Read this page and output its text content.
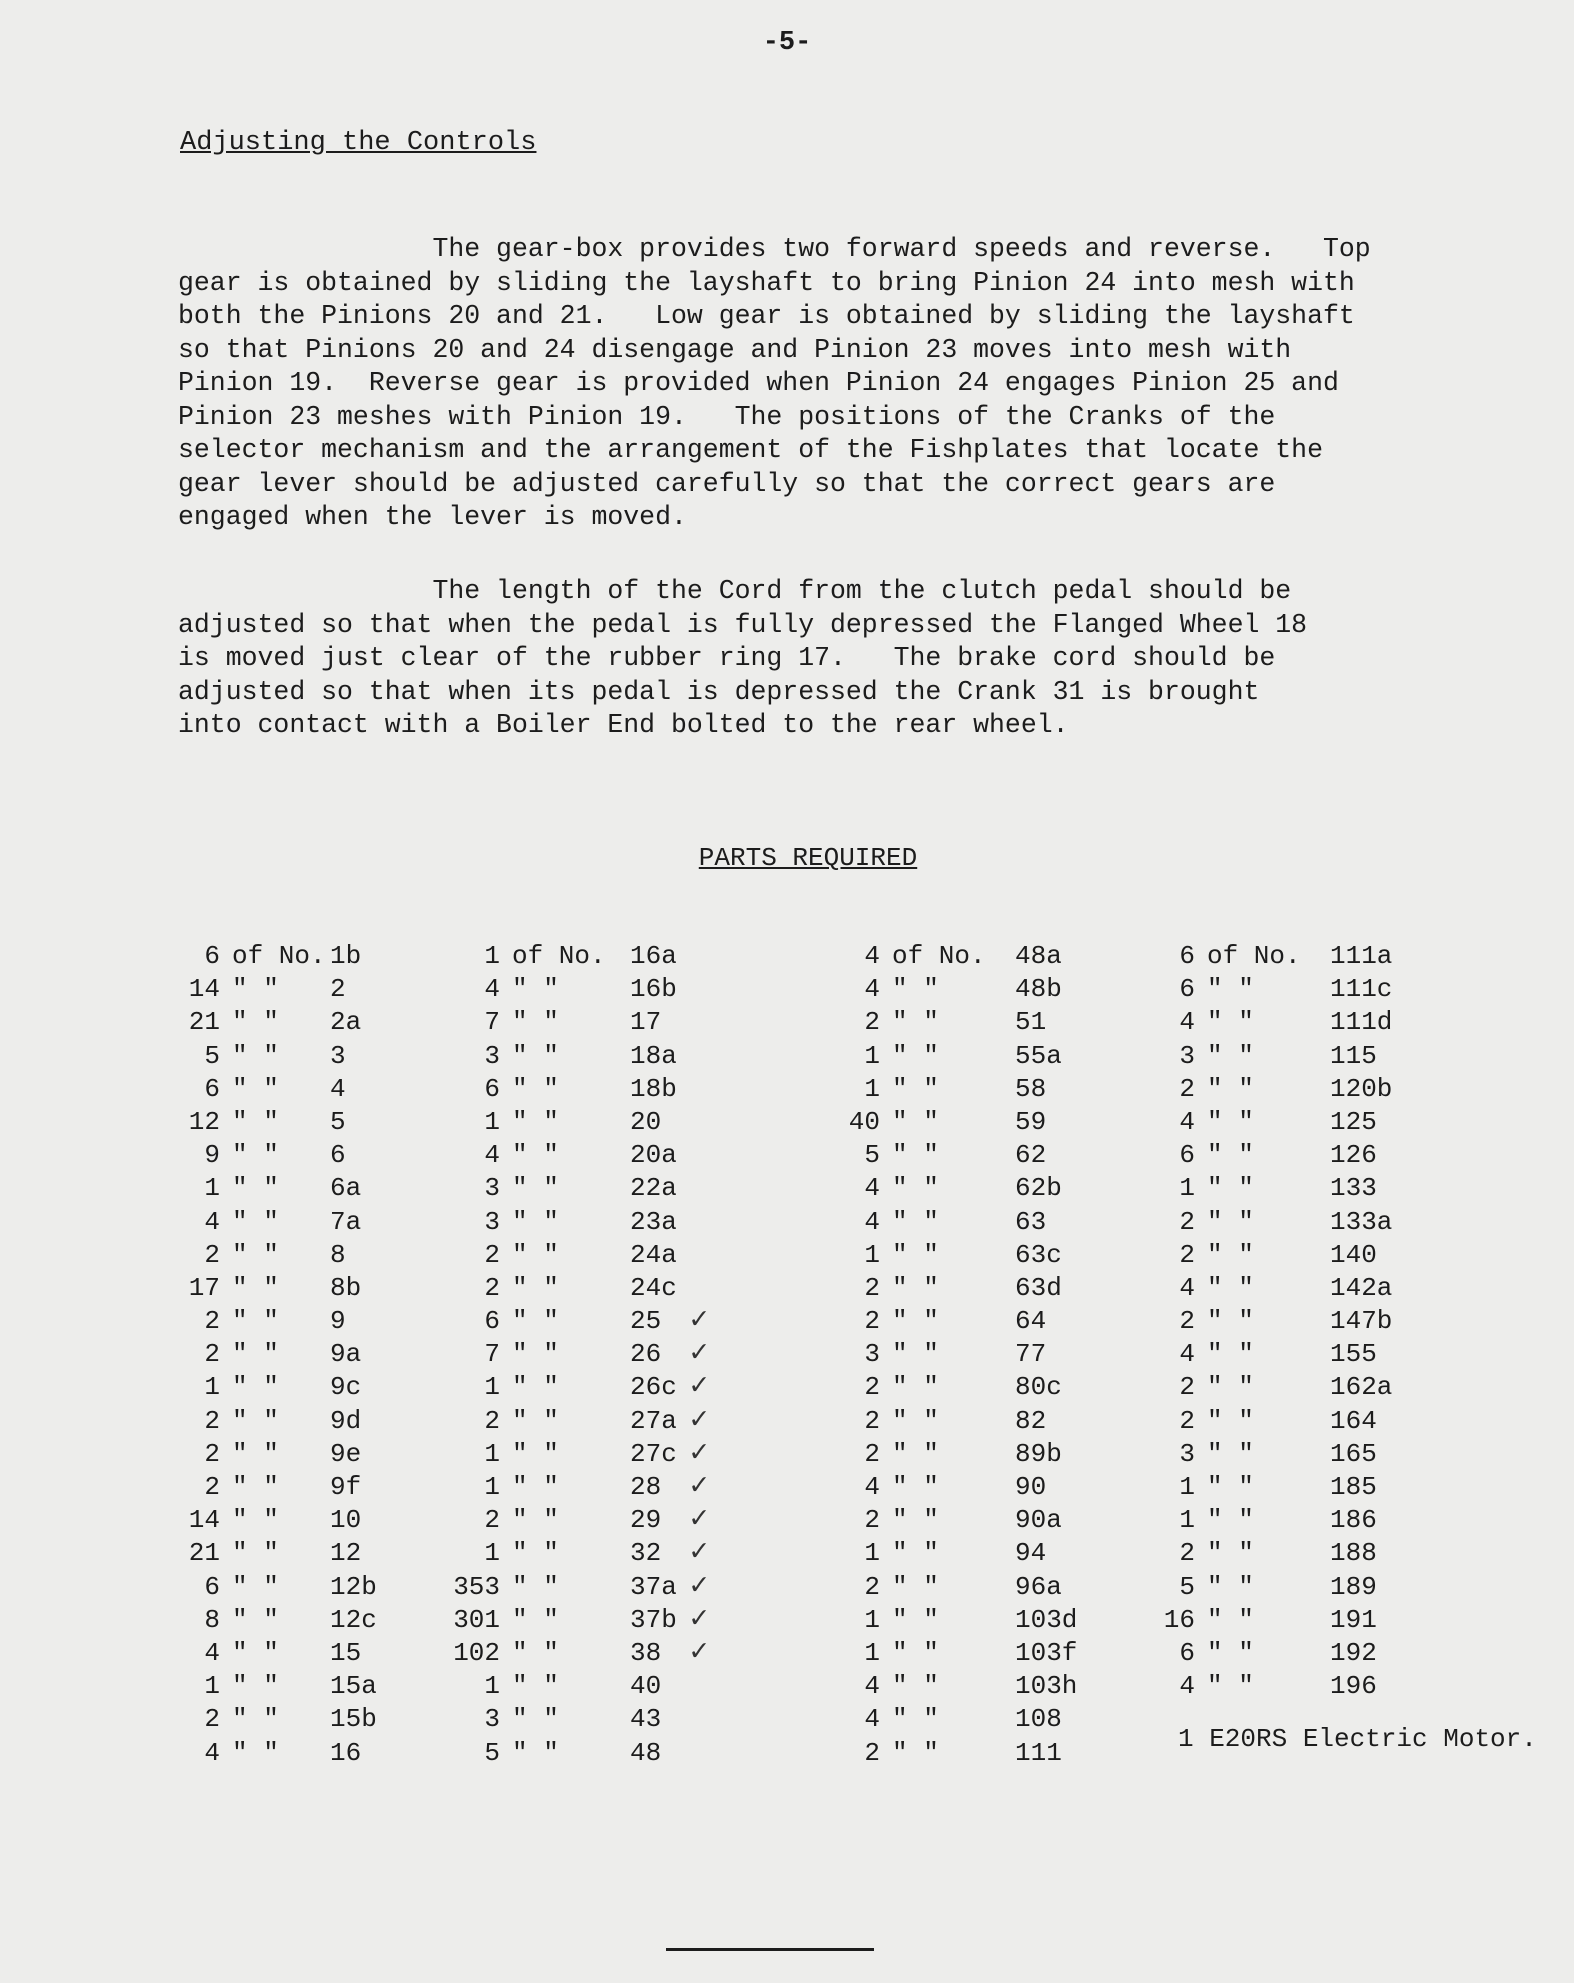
-5-
Adjusting the Controls

The gear-box provides two forward speeds and reverse.   Top
gear is obtained by sliding the layshaft to bring Pinion 24 into mesh with
both the Pinions 20 and 21.   Low gear is obtained by sliding the layshaft
so that Pinions 20 and 24 disengage and Pinion 23 moves into mesh with
Pinion 19.  Reverse gear is provided when Pinion 24 engages Pinion 25 and
Pinion 23 meshes with Pinion 19.   The positions of the Cranks of the
selector mechanism and the arrangement of the Fishplates that locate the
gear lever should be adjusted carefully so that the correct gears are
engaged when the lever is moved.

The length of the Cord from the clutch pedal should be
adjusted so that when the pedal is fully depressed the Flanged Wheel 18
is moved just clear of the rubber ring 17.   The brake cord should be
adjusted so that when its pedal is depressed the Crank 31 is brought
into contact with a Boiler End bolted to the rear wheel.

PARTS REQUIRED
6 of No. 1b
14 " " 2
21 " " 2a
5 " " 3
6 " " 4
12 " " 5
9 " " 6
1 " " 6a
4 " " 7a
2 " " 8
17 " " 8b
2 " " 9
2 " " 9a
1 " " 9c
2 " " 9d
2 " " 9e
2 " " 9f
14 " " 10
21 " " 12
6 " " 12b
8 " " 12c
4 " " 15
1 " " 15a
2 " " 15b
4 " " 16
1 of No. 16a
4 " "	16b
7 " "	17
3 " "	18a
6 " "	18b
1 " "	20
4 " "	20a
3 " "	22a
3 " "	23a
2 " "	24a
2 " "	24c
6 " "	25 ✓
7 " "	26 ✓
1 " "	26c ✓
2 " "	27a ✓
1 " "	27c ✓
1 " "	28 ✓
2 " "	29 ✓
1 " "	32 ✓
353 " "	37a ✓
301 " "	37b ✓
102 " "	38 ✓
1 " "	40
3 " "	43
5 " "	48
4 of No. 48a
4 " "	48b
2 " "	51
1 " "	55a
1 " "	58
40 " "	59
5 " "	62
4 " "	62b
4 " "	63
1 " "	63c
2 " "	63d
2 " "	64
3 " "	77
2 " "	80c
2 " "	82
2 " "	89b
4 " "	90
2 " "	90a
1 " "	94
2 " "	96a
1 " "	103d
1 " "	103f
4 " "	103h
4 " "	108
2 " "	111
6 of No. 111a
6 " "	111c
4 " "	111d
3 " "	115
2 " "	120b
4 " "	125
6 " "	126
1 " "	133
2 " "	133a
2 " "	140
4 " "	142a
2 " "	147b
4 " "	155
2 " "	162a
2 " "	164
3 " "	165
1 " "	185
1 " "	186
2 " "	188
5 " "	189
16 " "	191
6 " "	192
4 " "	196
1 E20RS Electric Motor.
